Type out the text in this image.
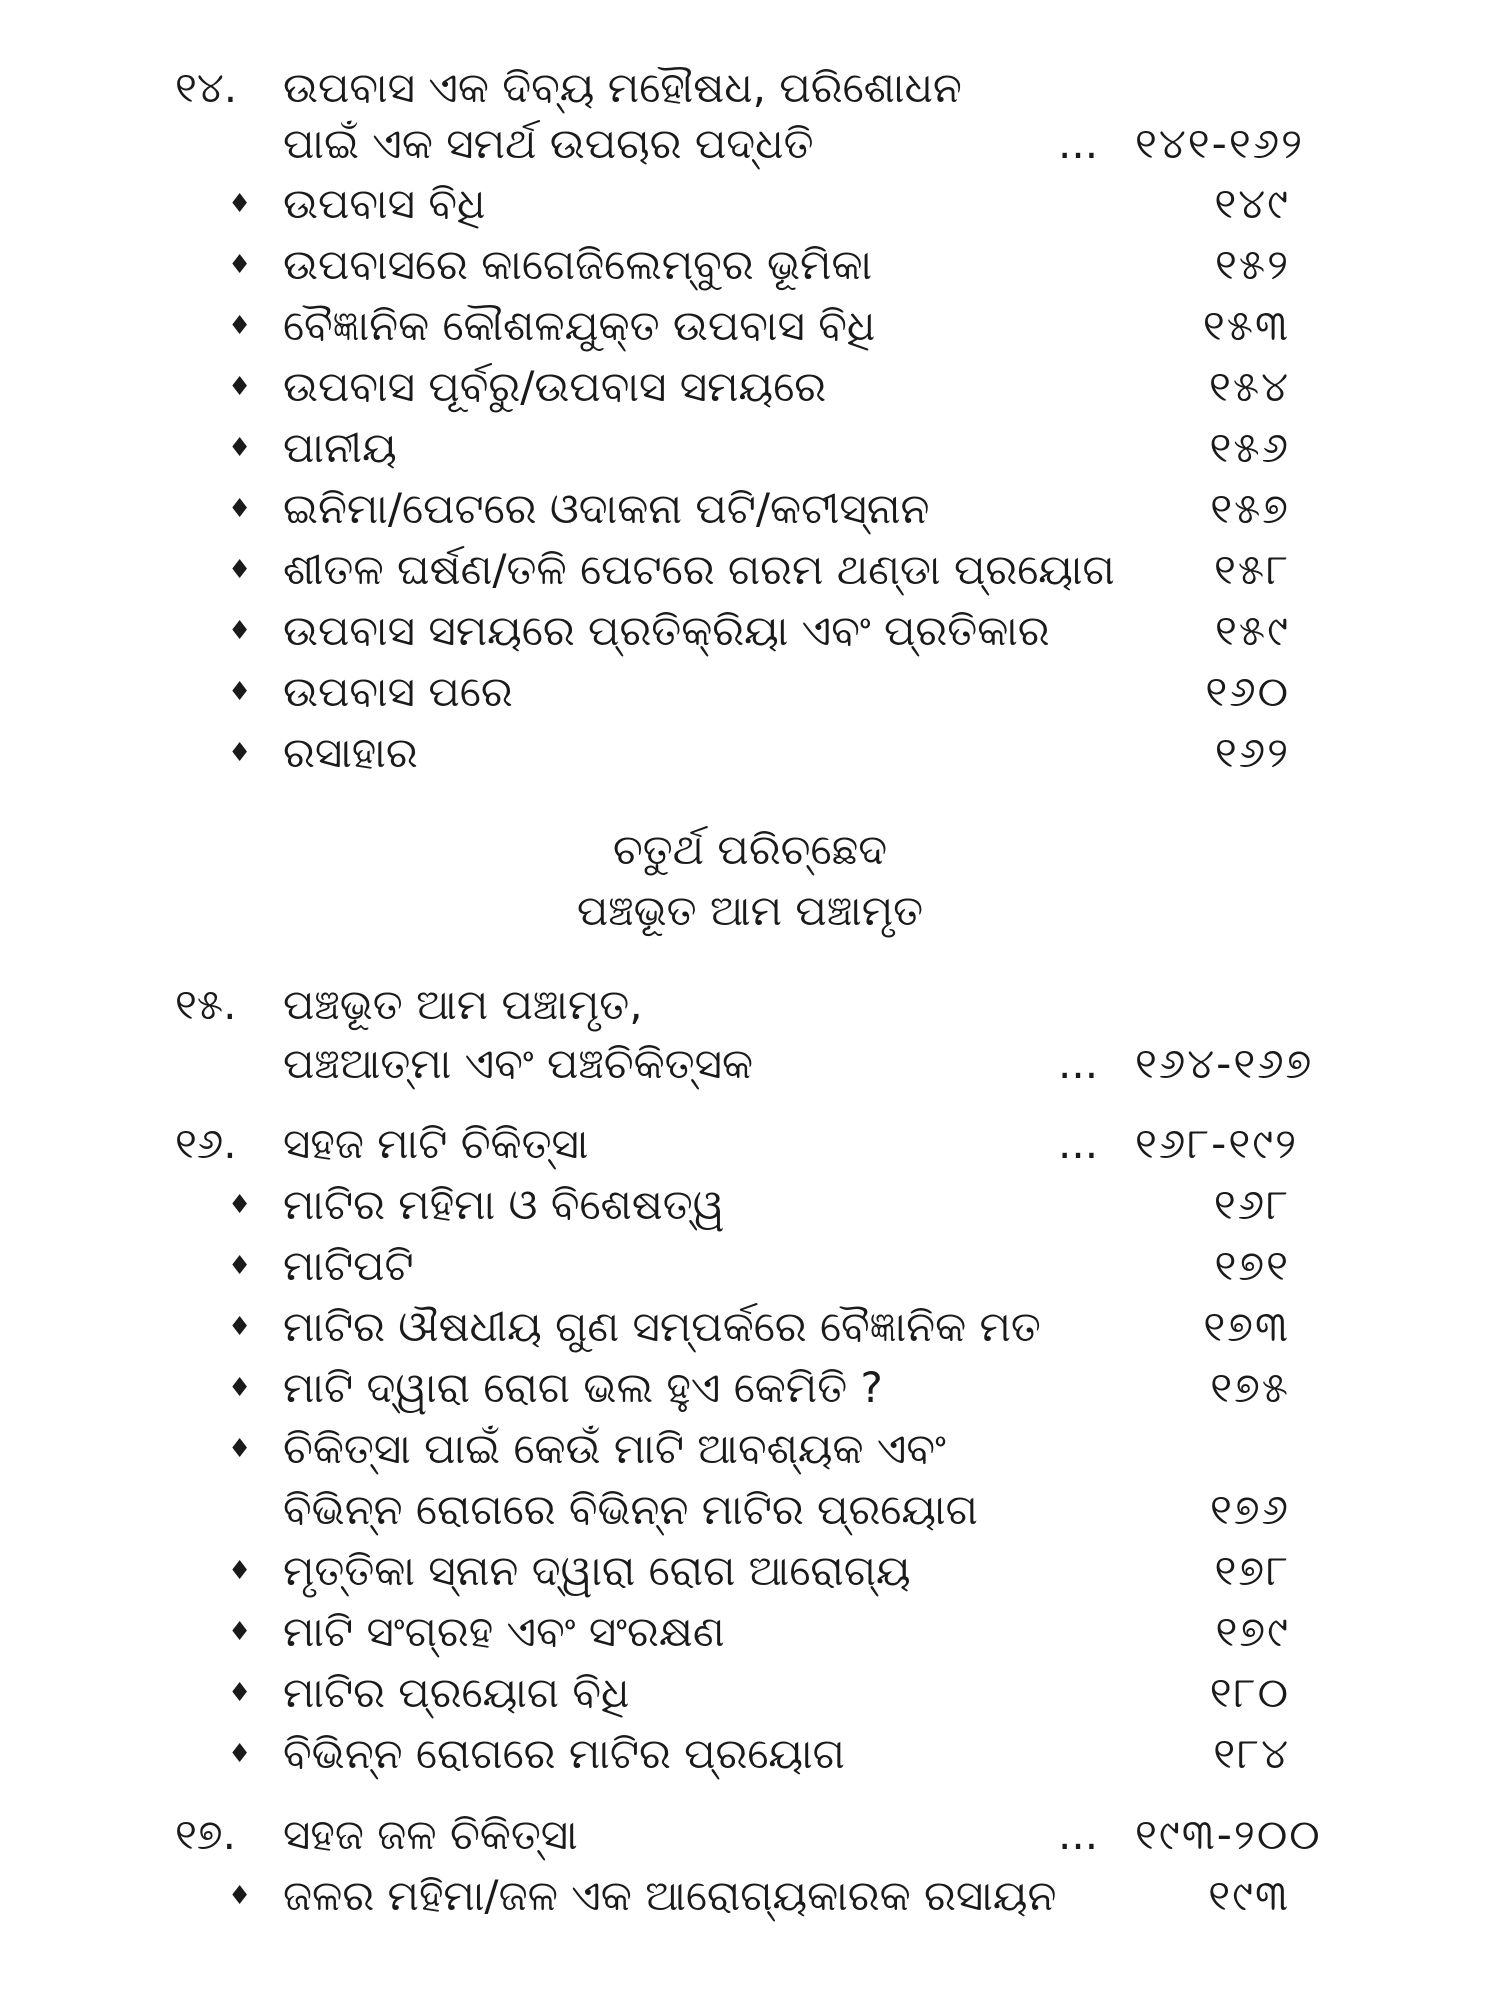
୧୪. ଉପବାସ ଏକ ଦିବ୍ୟ ମହୌଷଧ, ପରିଶୋଧନ
ପାଇଁ ଏକ ସମର୍ଥ ଉପଚାର ପଦ୍ଧତି	... ୧୪୧-୧୬୨
♦ ଉପବାସ ବିଧି	୧୪୯
♦ ଉପବାସରେ କାଗେଜିଲେମ୍ବୁର ଭୂମିକା	୧୫୨
♦ ବୈଜ୍ଞାନିକ କୌଶଳଯୁକ୍ତ ଉପବାସ ବିଧି	୧୫୩
♦ ଉପବାସ ପୂର୍ବରୁ/ଉପବାସ ସମୟରେ	୧୫୪
♦ ପାନୀୟ	୧୫୬
♦ ଇନିମା/ପେଟରେ ଓଦାକନା ପଟି/କଟୀସ୍ନାନ	୧୫୭
♦ ଶୀତଳ ଘର୍ଷଣ/ତଳି ପେଟରେ ଗରମ ଥଣ୍ଡା ପ୍ରୟୋଗ ୧୫୮
♦ ଉପବାସ ସମୟରେ ପ୍ରତିକ୍ରିୟା ଏବଂ ପ୍ରତିକାର	୧୫୯
♦ ଉପବାସ ପରେ	୧୬୦
♦ ରସାହାର	୧୬୨
ଚତୁର୍ଥ ପରିଚ୍ଛେଦ
ପଞ୍ଚଭୂତ ଆମ ପଞ୍ଚାମୃତ
୧୫. ପଞ୍ଚଭୂତ ଆମ ପଞ୍ଚାମୃତ,
ପଞ୍ଚଆତ୍ମା ଏବଂ ପଞ୍ଚଚିକିତ୍ସକ	... ୧୬୪-୧୬୭
୧୬. ସହଜ ମାଟି ଚିକିତ୍ସା	... ୧୬୮-୧୯୨
♦ ମାଟିର ମହିମା ଓ ବିଶେଷତ୍ୱ	୧୬୮
♦ ମାଟିପଟି	୧୭୧
♦ ମାଟିର ଔଷଧୀୟ ଗୁଣ ସମ୍ପର୍କରେ ବୈଜ୍ଞାନିକ ମତ	୧୭୩
♦ ମାଟି ଦ୍ୱାରା ରୋଗ ଭଲ ହୁଏ କେମିତି ?	୧୭୫
♦ ଚିକିତ୍ସା ପାଇଁ କେଉଁ ମାଟି ଆବଶ୍ୟକ ଏବଂ
ବିଭିନ୍ନ ରୋଗରେ ବିଭିନ୍ନ ମାଟିର ପ୍ରୟୋଗ	୧୭୬
♦ ମୃତ୍ତିକା ସ୍ନାନ ଦ୍ୱାରା ରୋଗ ଆରୋଗ୍ୟ	୧୭୮
♦ ମାଟି ସଂଗ୍ରହ ଏବଂ ସଂରକ୍ଷଣ	୧୭୯
♦ ମାଟିର ପ୍ରୟୋଗ ବିଧି	୧୮୦
♦ ବିଭିନ୍ନ ରୋଗରେ ମାଟିର ପ୍ରୟୋଗ	୧୮୪
୧୭. ସହଜ ଜଳ ଚିକିତ୍ସା	... ୧୯୩-୨୦୦
♦ ଜଳର ମହିମା/ଜଳ ଏକ ଆରୋଗ୍ୟକାରକ ରସାୟନ	୧୯୩
